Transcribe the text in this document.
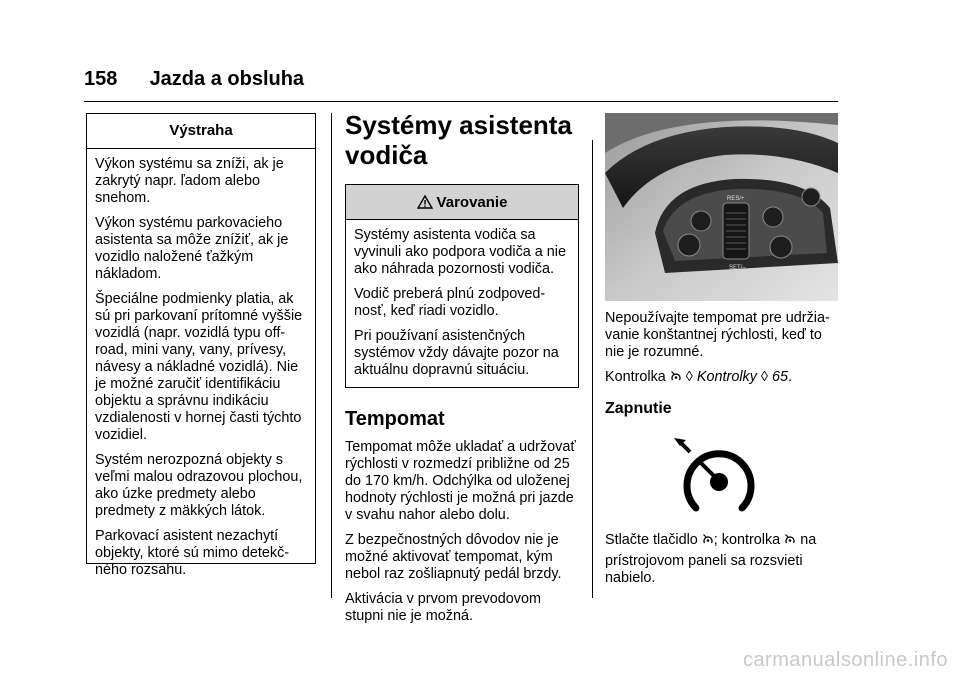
158 Jazda a obsluha
Výstraha

Výkon systému sa zníži, ak je zakrytý napr. ľadom alebo snehom.

Výkon systému parkovacieho asistenta sa môže znížiť, ak je vozidlo naložené ťažkým nákladom.

Špeciálne podmienky platia, ak sú pri parkovaní prítomné vyššie vozidlá (napr. vozidlá typu off-road, mini vany, vany, prívesy, návesy a nákladné vozidlá). Nie je možné zaručiť identifikáciu objektu a správnu indikáciu vzdialenosti v hornej časti týchto vozidiel.

Systém nerozpozná objekty s veľmi malou odrazovou plochou, ako úzke predmety alebo predmety z mäkkých látok.

Parkovací asistent nezachytí objekty, ktoré sú mimo detekčného rozsahu.

Systémy asistenta vodiča
Varovanie

Systémy asistenta vodiča sa vyvinuli ako podpora vodiča a nie ako náhrada pozornosti vodiča.

Vodič preberá plnú zodpovednosť, keď riadi vozidlo.

Pri používaní asistenčných systémov vždy dávajte pozor na aktuálnu dopravnú situáciu.

Tempomat

Tempomat môže ukladať a udržovať rýchlosti v rozmedzí približne od 25 do 170 km/h. Odchýlka od uloženej hodnoty rýchlosti je možná pri jazde v svahu nahor alebo dolu.

Z bezpečnostných dôvodov nie je možné aktivovať tempomat, kým nebol raz zošliapnutý pedál brzdy.

Aktivácia v prvom prevodovom stupni nie je možná.

RES/+
SET/–

Nepoužívajte tempomat pre udržiavanie konštantnej rýchlosti, keď to nie je rozumné.

Kontrolka ◊ Kontrolky ◊ 65.

Zapnutie

Stlačte tlačidlo ; kontrolka na

prístrojovom paneli sa rozsvieti nabielo.

carmanualsonline.info
